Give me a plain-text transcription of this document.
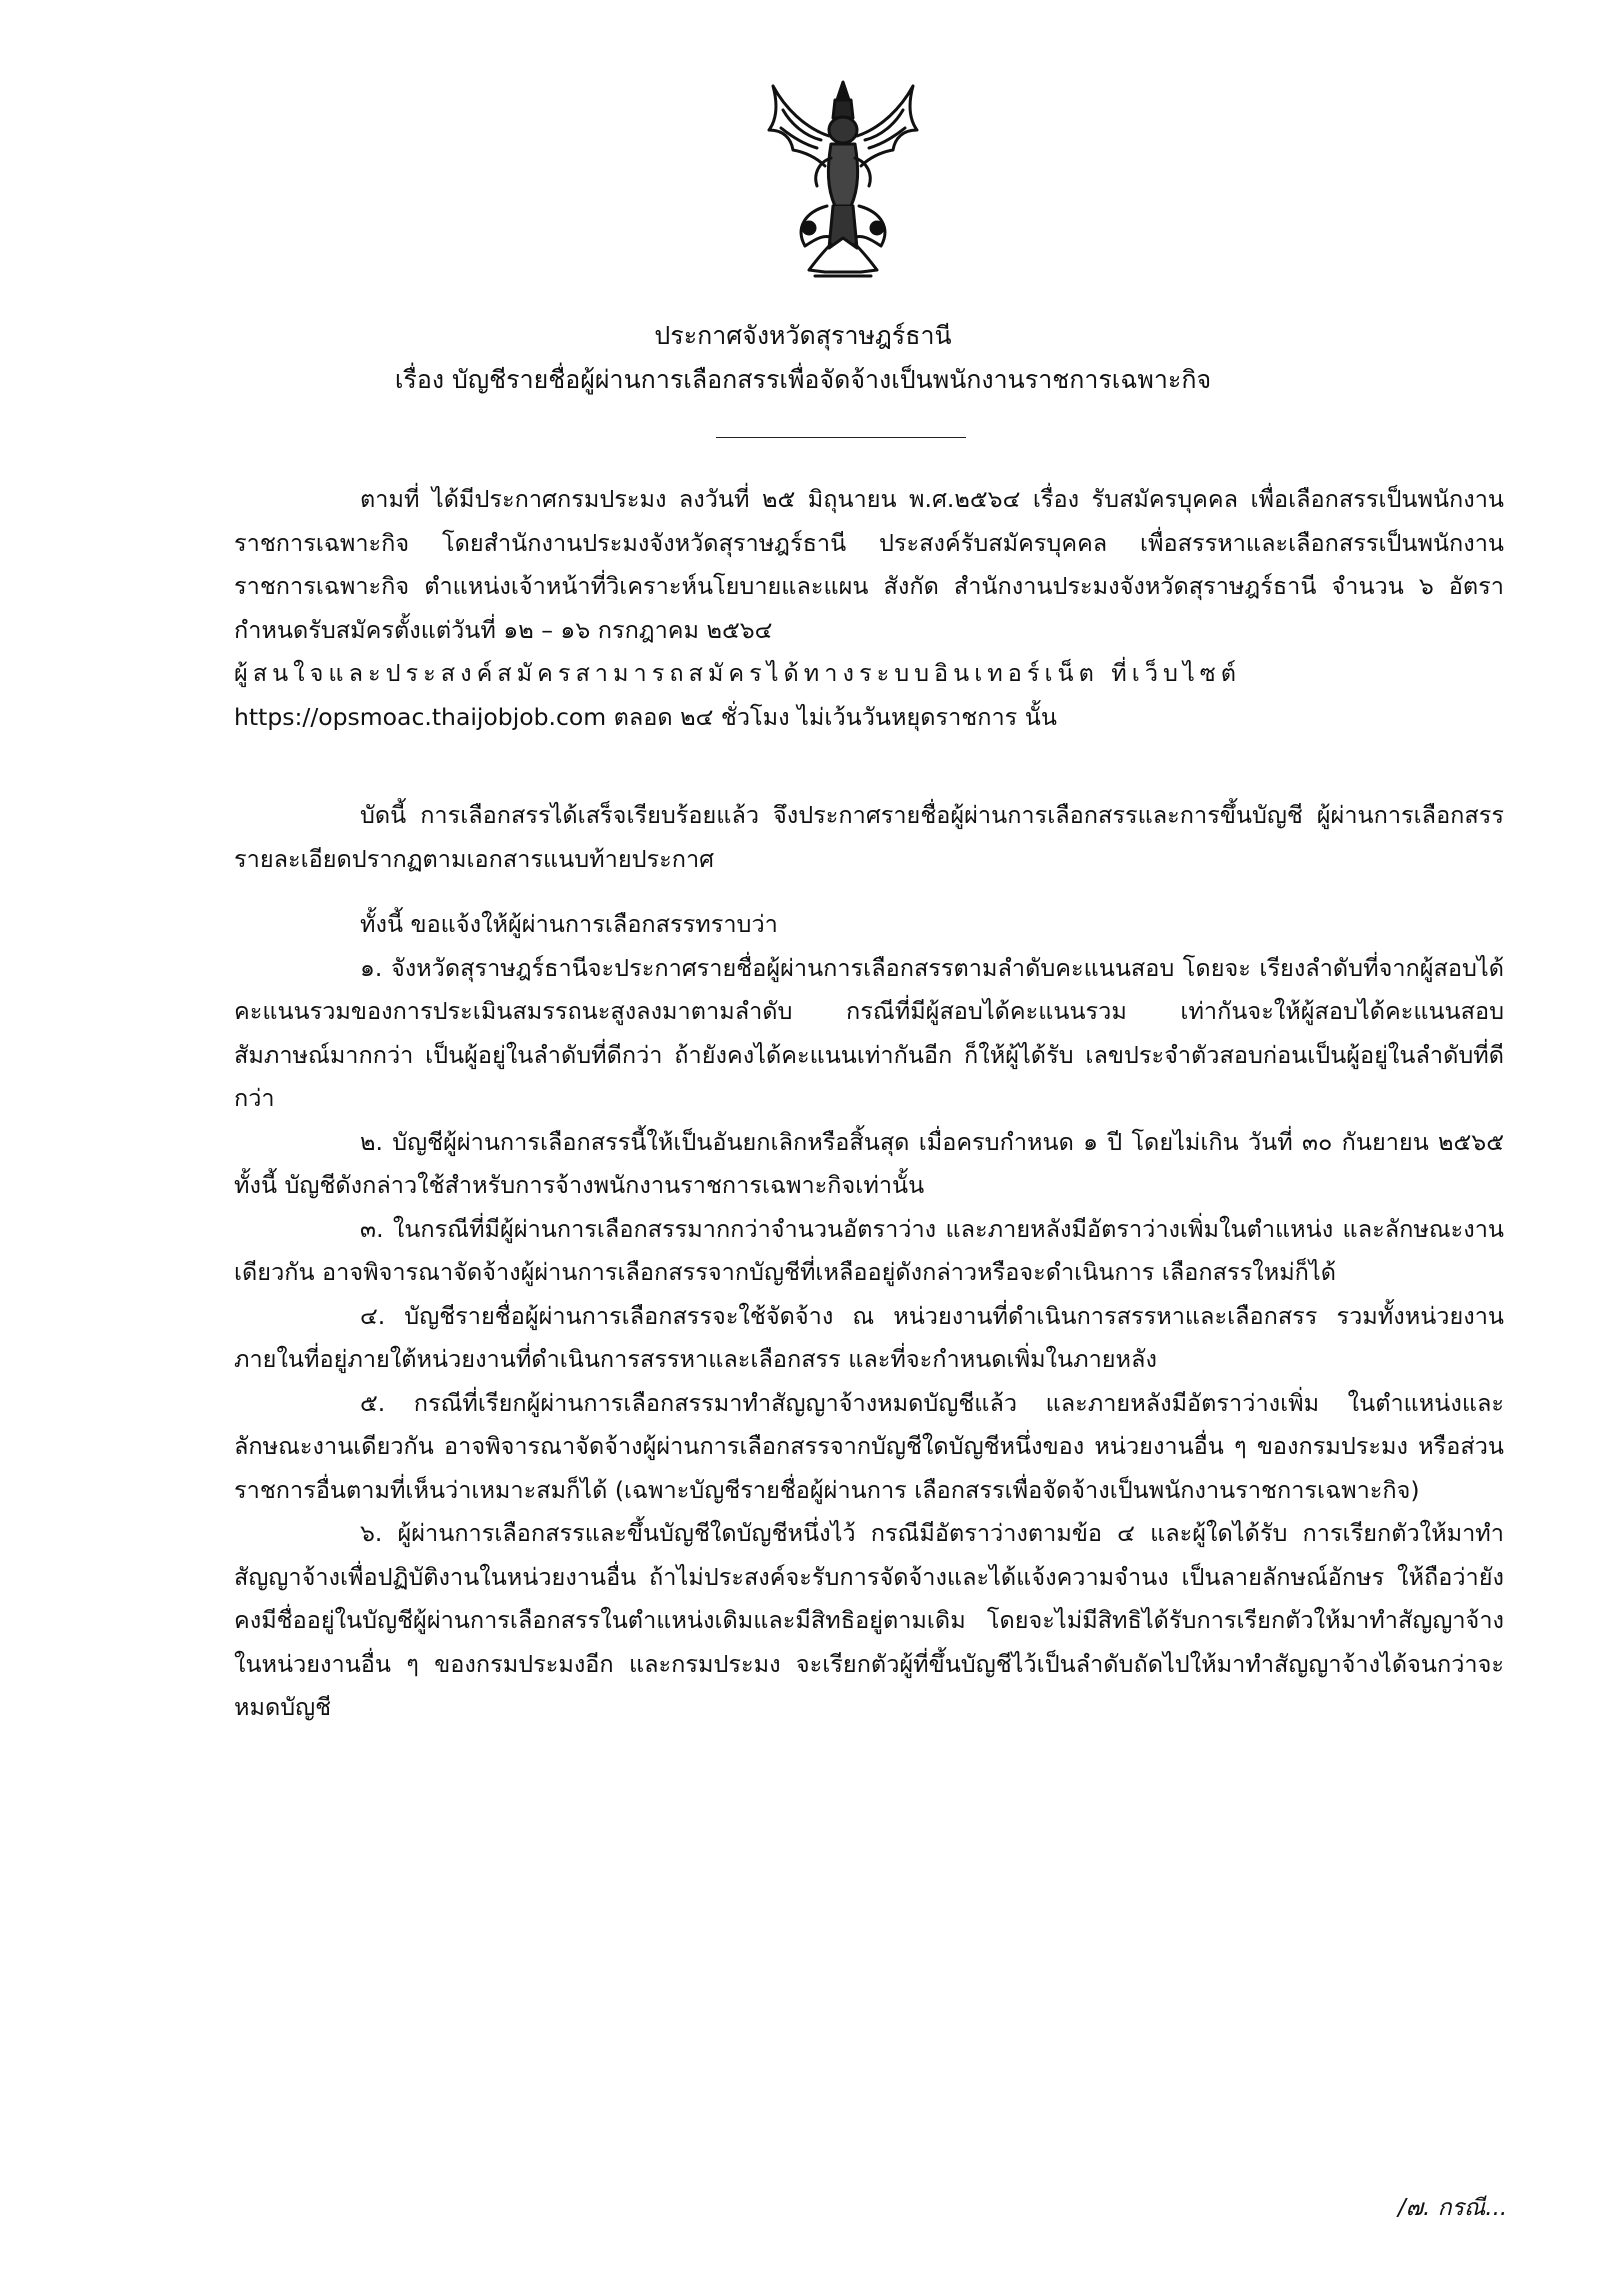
ประกาศจังหวัดสุราษฎร์ธานี
เรื่อง บัญชีรายชื่อผู้ผ่านการเลือกสรรเพื่อจัดจ้างเป็นพนักงานราชการเฉพาะกิจ

ตามที่ ได้มีประกาศกรมประมง ลงวันที่ ๒๕ มิถุนายน พ.ศ.๒๕๖๔ เรื่อง รับสมัครบุคคล เพื่อเลือกสรรเป็นพนักงานราชการเฉพาะกิจ โดยสำนักงานประมงจังหวัดสุราษฎร์ธานี ประสงค์รับสมัครบุคคล เพื่อสรรหาและเลือกสรรเป็นพนักงานราชการเฉพาะกิจ ตำแหน่งเจ้าหน้าที่วิเคราะห์นโยบายและแผน สังกัด สำนักงานประมงจังหวัดสุราษฎร์ธานี จำนวน ๖ อัตรา กำหนดรับสมัครตั้งแต่วันที่ ๑๒ – ๑๖ กรกฎาคม ๒๕๖๔

ผู้สนใจและประสงค์สมัครสามารถสมัครได้ทางระบบอินเทอร์เน็ต ที่เว็บไซต์

https://opsmoac.thaijobjob.com ตลอด ๒๔ ชั่วโมง ไม่เว้นวันหยุดราชการ นั้น

บัดนี้ การเลือกสรรได้เสร็จเรียบร้อยแล้ว จึงประกาศรายชื่อผู้ผ่านการเลือกสรรและการขึ้นบัญชี ผู้ผ่านการเลือกสรร รายละเอียดปรากฏตามเอกสารแนบท้ายประกาศ

ทั้งนี้ ขอแจ้งให้ผู้ผ่านการเลือกสรรทราบว่า

๑. จังหวัดสุราษฎร์ธานีจะประกาศรายชื่อผู้ผ่านการเลือกสรรตามลำดับคะแนนสอบ โดยจะ เรียงลำดับที่จากผู้สอบได้คะแนนรวมของการประเมินสมรรถนะสูงลงมาตามลำดับ กรณีที่มีผู้สอบได้คะแนนรวม เท่ากันจะให้ผู้สอบได้คะแนนสอบสัมภาษณ์มากกว่า เป็นผู้อยู่ในลำดับที่ดีกว่า ถ้ายังคงได้คะแนนเท่ากันอีก ก็ให้ผู้ได้รับ เลขประจำตัวสอบก่อนเป็นผู้อยู่ในลำดับที่ดีกว่า

๒. บัญชีผู้ผ่านการเลือกสรรนี้ให้เป็นอันยกเลิกหรือสิ้นสุด เมื่อครบกำหนด ๑ ปี โดยไม่เกิน วันที่ ๓๐ กันยายน ๒๕๖๕ ทั้งนี้ บัญชีดังกล่าวใช้สำหรับการจ้างพนักงานราชการเฉพาะกิจเท่านั้น

๓. ในกรณีที่มีผู้ผ่านการเลือกสรรมากกว่าจำนวนอัตราว่าง และภายหลังมีอัตราว่างเพิ่มในตำแหน่ง และลักษณะงานเดียวกัน อาจพิจารณาจัดจ้างผู้ผ่านการเลือกสรรจากบัญชีที่เหลืออยู่ดังกล่าวหรือจะดำเนินการ เลือกสรรใหม่ก็ได้

๔. บัญชีรายชื่อผู้ผ่านการเลือกสรรจะใช้จัดจ้าง ณ หน่วยงานที่ดำเนินการสรรหาและเลือกสรร รวมทั้งหน่วยงานภายในที่อยู่ภายใต้หน่วยงานที่ดำเนินการสรรหาและเลือกสรร และที่จะกำหนดเพิ่มในภายหลัง

๕. กรณีที่เรียกผู้ผ่านการเลือกสรรมาทำสัญญาจ้างหมดบัญชีแล้ว และภายหลังมีอัตราว่างเพิ่ม ในตำแหน่งและลักษณะงานเดียวกัน อาจพิจารณาจัดจ้างผู้ผ่านการเลือกสรรจากบัญชีใดบัญชีหนึ่งของ หน่วยงานอื่น ๆ ของกรมประมง หรือส่วนราชการอื่นตามที่เห็นว่าเหมาะสมก็ได้ (เฉพาะบัญชีรายชื่อผู้ผ่านการ เลือกสรรเพื่อจัดจ้างเป็นพนักงานราชการเฉพาะกิจ)

๖. ผู้ผ่านการเลือกสรรและขึ้นบัญชีใดบัญชีหนึ่งไว้ กรณีมีอัตราว่างตามข้อ ๔ และผู้ใดได้รับ การเรียกตัวให้มาทำสัญญาจ้างเพื่อปฏิบัติงานในหน่วยงานอื่น ถ้าไม่ประสงค์จะรับการจัดจ้างและได้แจ้งความจำนง เป็นลายลักษณ์อักษร ให้ถือว่ายังคงมีชื่ออยู่ในบัญชีผู้ผ่านการเลือกสรรในตำแหน่งเดิมและมีสิทธิอยู่ตามเดิม โดยจะไม่มีสิทธิได้รับการเรียกตัวให้มาทำสัญญาจ้างในหน่วยงานอื่น ๆ ของกรมประมงอีก และกรมประมง จะเรียกตัวผู้ที่ขึ้นบัญชีไว้เป็นลำดับถัดไปให้มาทำสัญญาจ้างได้จนกว่าจะหมดบัญชี

/๗. กรณี...
